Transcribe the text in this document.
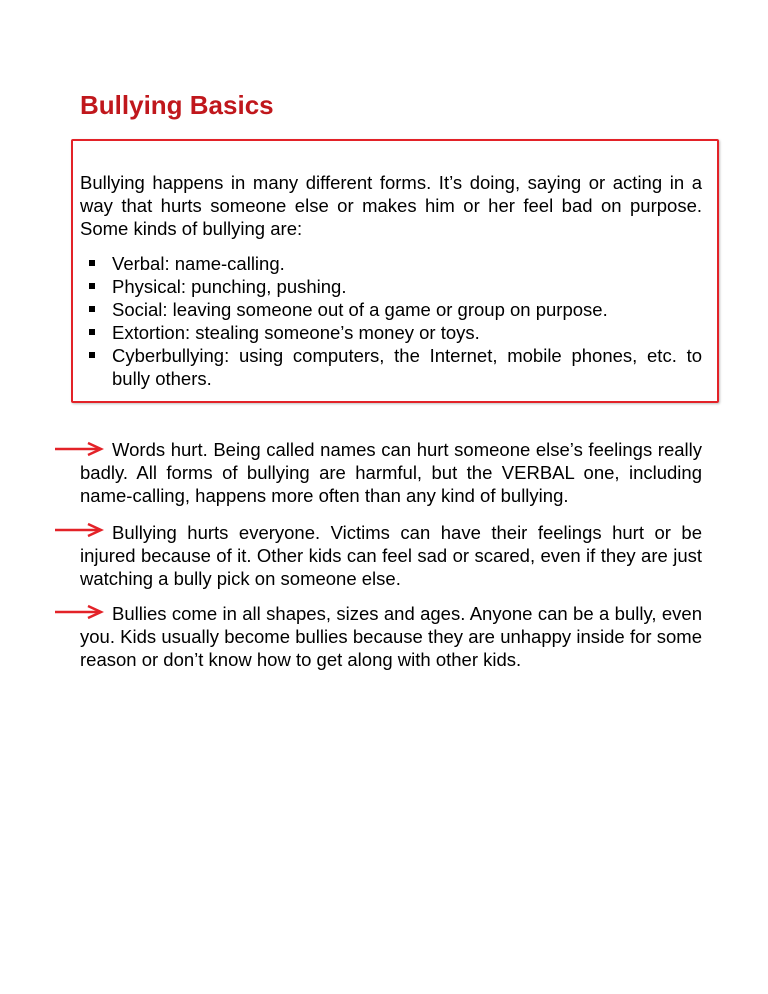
Bullying Basics

Bullying happens in many different forms. It’s doing, saying or acting in a way that hurts someone else or makes him or her feel bad on purpose. Some kinds of bullying are:

Verbal: name-calling.
Physical: punching, pushing.
Social: leaving someone out of a game or group on purpose.
Extortion: stealing someone’s money or toys.
Cyberbullying: using computers, the Internet, mobile phones, etc. to bully others.

Words hurt. Being called names can hurt someone else’s feelings really badly. All forms of bullying are harmful, but the VERBAL one, including name-calling, happens more often than any kind of bullying.

Bullying hurts everyone. Victims can have their feelings hurt or be injured because of it. Other kids can feel sad or scared, even if they are just watching a bully pick on someone else.

Bullies come in all shapes, sizes and ages. Anyone can be a bully, even you. Kids usually become bullies because they are unhappy inside for some reason or don’t know how to get along with other kids.
